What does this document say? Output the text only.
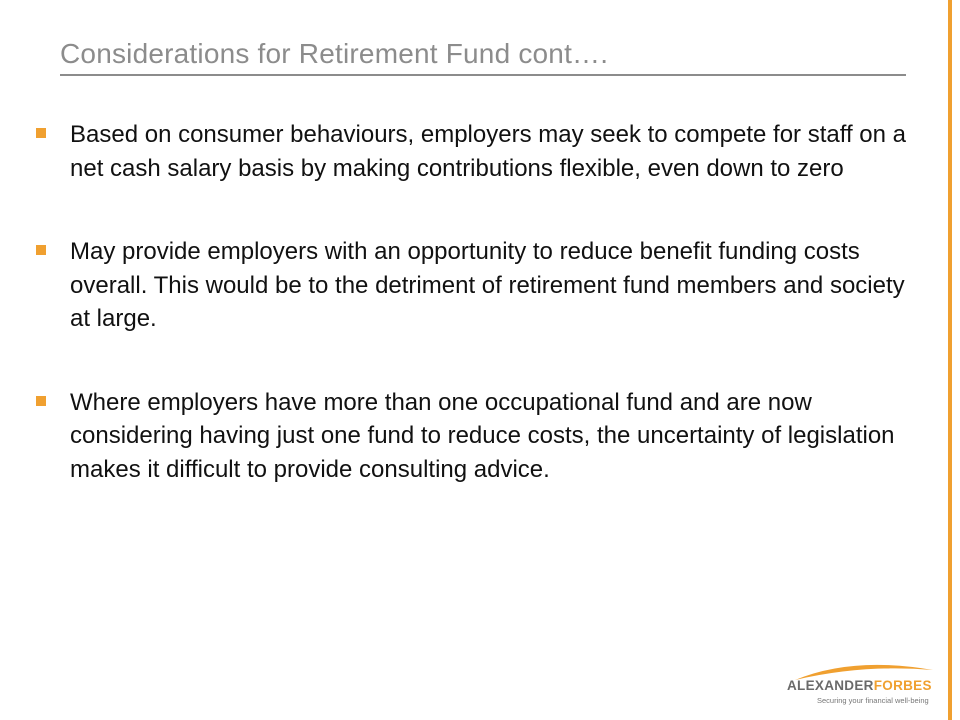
Considerations for Retirement Fund cont….
Based on consumer behaviours, employers may seek to compete for staff on a net cash salary basis by making contributions flexible, even down to zero
May provide employers with an opportunity to reduce benefit funding costs overall. This would be to the detriment of retirement fund members and society at large.
Where employers have more than one occupational fund and are now considering having just one fund to reduce costs, the uncertainty of legislation makes it difficult to provide consulting advice.
ALEXANDERFORBES
Securing your financial well-being
